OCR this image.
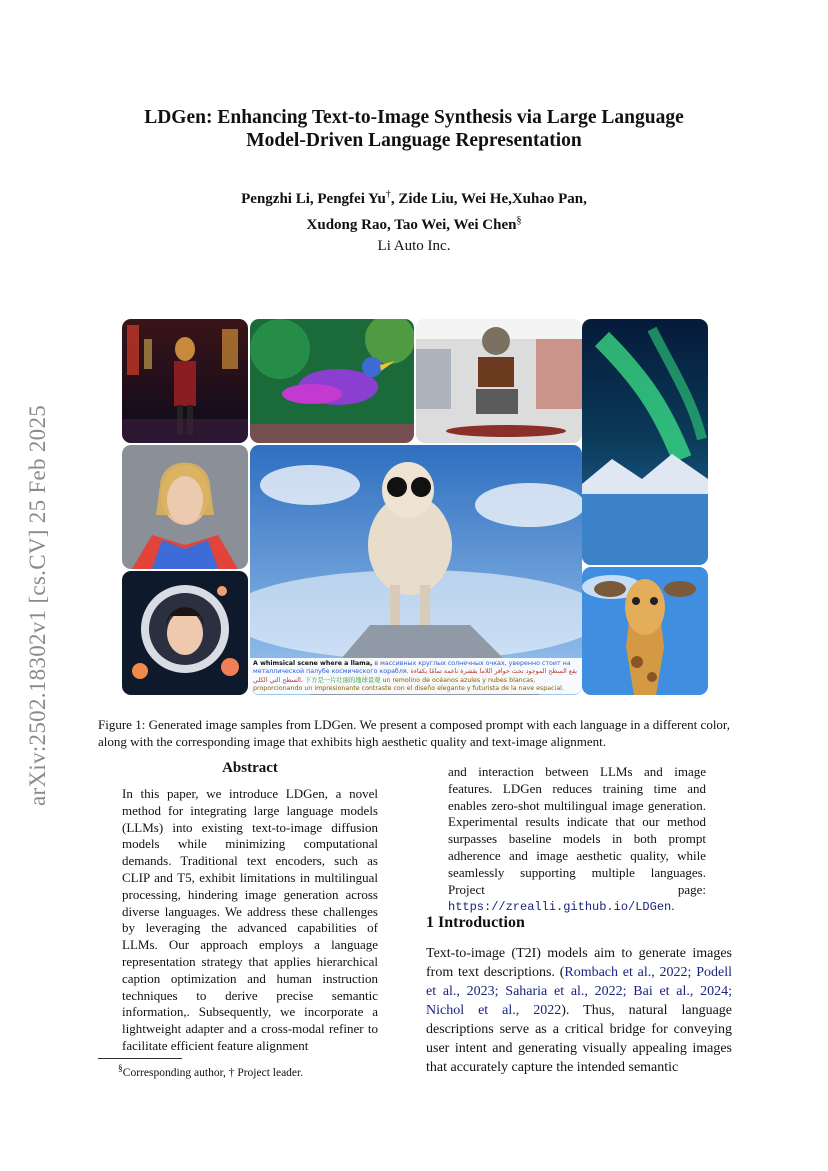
arXiv:2502.18302v1 [cs.CV] 25 Feb 2025
LDGen: Enhancing Text-to-Image Synthesis via Large Language
Model-Driven Language Representation
Pengzhi Li, Pengfei Yu†, Zide Liu, Wei He,Xuhao Pan,
Xudong Rao, Tao Wei, Wei Chen§
Li Auto Inc.
A whimsical scene where a llama, в массивных круглых солнечных очках, уверенно стоит на металлической палубе космического корабля. يقع السطح الموجود تحت حوافر اللاما بقشرة ناعمة تمامًا بكفاءة السطح التي الكلي، 下方是一片壮丽的地球景观 un remolino de océanos azules y nubes blancas, proporcionando un impresionante contraste con el diseño elegante y futurista de la nave espacial.
Figure 1: Generated image samples from LDGen. We present a composed prompt with each language in a different color, along with the corresponding image that exhibits high aesthetic quality and text-image alignment.
Abstract
In this paper, we introduce LDGen, a novel method for integrating large language models (LLMs) into existing text-to-image diffusion models while minimizing computational demands. Traditional text encoders, such as CLIP and T5, exhibit limitations in multilingual processing, hindering image generation across diverse languages. We address these challenges by leveraging the advanced capabilities of LLMs. Our approach employs a language representation strategy that applies hierarchical caption optimization and human instruction techniques to derive precise semantic information,. Subsequently, we incorporate a lightweight adapter and a cross-modal refiner to facilitate efficient feature alignment
§Corresponding author, † Project leader.
and interaction between LLMs and image features. LDGen reduces training time and enables zero-shot multilingual image generation. Experimental results indicate that our method surpasses baseline models in both prompt adherence and image aesthetic quality, while seamlessly supporting multiple languages. Project page: https://zrealli.github.io/LDGen.
1 Introduction
Text-to-image (T2I) models aim to generate images from text descriptions. (Rombach et al., 2022; Podell et al., 2023; Saharia et al., 2022; Bai et al., 2024; Nichol et al., 2022). Thus, natural language descriptions serve as a critical bridge for conveying user intent and generating visually appealing images that accurately capture the intended semantic
